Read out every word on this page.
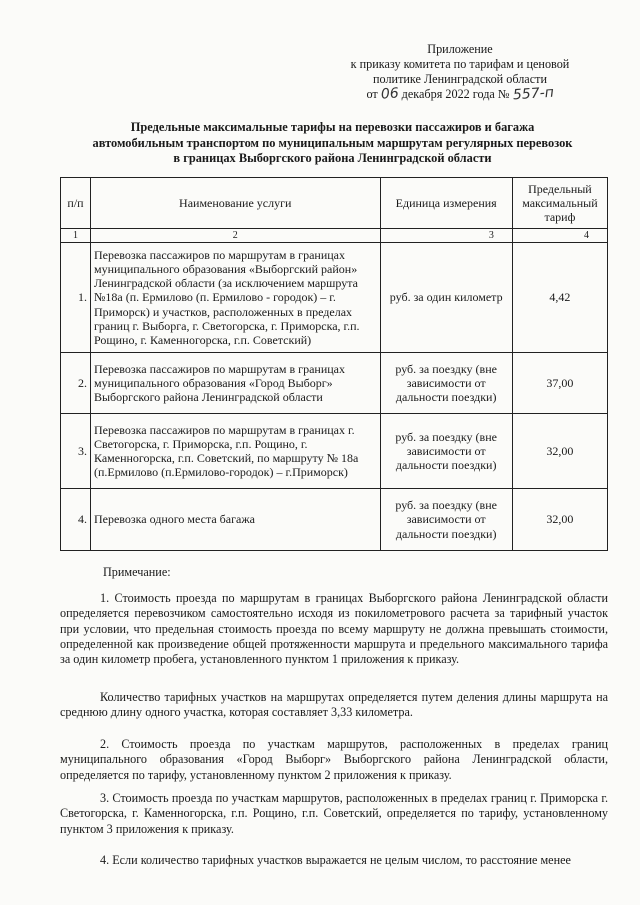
Приложение
к приказу комитета по тарифам и ценовой
политике Ленинградской области
от 06 декабря 2022 года № 557-п
Предельные максимальные тарифы на перевозки пассажиров и багажа
автомобильным транспортом по муниципальным маршрутам регулярных перевозок
в границах Выборгского района Ленинградской области
п/п	Наименование услуги	Единица измерения	Предельный максимальный тариф
1	2	3	4
1.	Перевозка пассажиров по маршрутам в границах муниципального образования «Выборгский район» Ленинградской области (за исключением маршрута №18а (п. Ермилово (п. Ермилово - городок) – г. Приморск) и участков, расположенных в пределах границ г. Выборга, г. Светогорска, г. Приморска, г.п. Рощино, г. Каменногорска, г.п. Советский)	руб. за один километр	4,42
2.	Перевозка пассажиров по маршрутам в границах муниципального образования «Город Выборг» Выборгского района Ленинградской области	руб. за поездку (вне зависимости от дальности поездки)	37,00
3.	Перевозка пассажиров по маршрутам в границах г. Светогорска, г. Приморска, г.п. Рощино, г. Каменногорска, г.п. Советский, по маршруту № 18а (п.Ермилово (п.Ермилово-городок) – г.Приморск)	руб. за поездку (вне зависимости от дальности поездки)	32,00
4.	Перевозка одного места багажа	руб. за поездку (вне зависимости от дальности поездки)	32,00
Примечание:

1. Стоимость проезда по маршрутам в границах Выборгского района Ленинградской области определяется перевозчиком самостоятельно исходя из покилометрового расчета за тарифный участок при условии, что предельная стоимость проезда по всему маршруту не должна превышать стоимости, определенной как произведение общей протяженности маршрута и предельного максимального тарифа за один километр пробега, установленного пунктом 1 приложения к приказу.

Количество тарифных участков на маршрутах определяется путем деления длины маршрута на среднюю длину одного участка, которая составляет 3,33 километра.

2. Стоимость проезда по участкам маршрутов, расположенных в пределах границ муниципального образования «Город Выборг» Выборгского района Ленинградской области, определяется по тарифу, установленному пунктом 2 приложения к приказу.

3. Стоимость проезда по участкам маршрутов, расположенных в пределах границ г. Приморска г. Светогорска, г. Каменногорска, г.п. Рощино, г.п. Советский, определяется по тарифу, установленному пунктом 3 приложения к приказу.

4. Если количество тарифных участков выражается не целым числом, то расстояние менее
